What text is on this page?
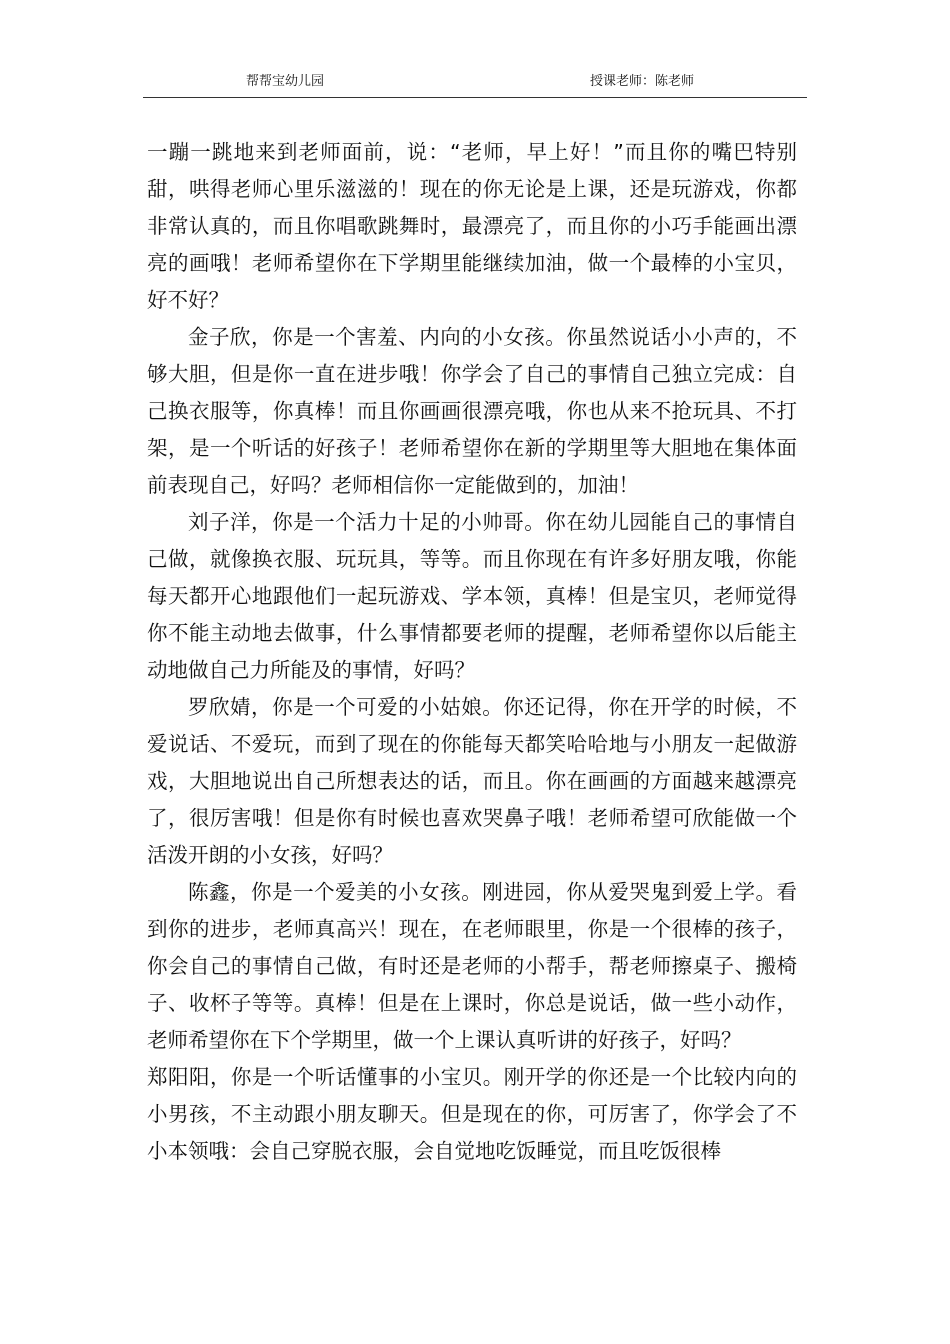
帮帮宝幼儿园	授课老师：陈老师

一蹦一跳地来到老师面前，说：“老师，早上好！”而且你的嘴巴特别甜，哄得老师心里乐滋滋的！现在的你无论是上课，还是玩游戏，你都非常认真的，而且你唱歌跳舞时，最漂亮了，而且你的小巧手能画出漂亮的画哦！老师希望你在下学期里能继续加油，做一个最棒的小宝贝，好不好？

金子欣，你是一个害羞、内向的小女孩。你虽然说话小小声的，不够大胆，但是你一直在进步哦！你学会了自己的事情自己独立完成：自己换衣服等，你真棒！而且你画画很漂亮哦，你也从来不抢玩具、不打架，是一个听话的好孩子！老师希望你在新的学期里等大胆地在集体面前表现自己，好吗？老师相信你一定能做到的，加油！

刘子洋，你是一个活力十足的小帅哥。你在幼儿园能自己的事情自己做，就像换衣服、玩玩具，等等。而且你现在有许多好朋友哦，你能每天都开心地跟他们一起玩游戏、学本领，真棒！但是宝贝，老师觉得你不能主动地去做事，什么事情都要老师的提醒，老师希望你以后能主动地做自己力所能及的事情，好吗？

罗欣婧，你是一个可爱的小姑娘。你还记得，你在开学的时候，不爱说话、不爱玩，而到了现在的你能每天都笑哈哈地与小朋友一起做游戏，大胆地说出自己所想表达的话，而且。你在画画的方面越来越漂亮了，很厉害哦！但是你有时候也喜欢哭鼻子哦！老师希望可欣能做一个活泼开朗的小女孩，好吗？

陈鑫，你是一个爱美的小女孩。刚进园，你从爱哭鬼到爱上学。看到你的进步，老师真高兴！现在，在老师眼里，你是一个很棒的孩子，你会自己的事情自己做，有时还是老师的小帮手，帮老师擦桌子、搬椅子、收杯子等等。真棒！但是在上课时，你总是说话，做一些小动作，老师希望你在下个学期里，做一个上课认真听讲的好孩子，好吗？

郑阳阳，你是一个听话懂事的小宝贝。刚开学的你还是一个比较内向的小男孩，不主动跟小朋友聊天。但是现在的你，可厉害了，你学会了不小本领哦：会自己穿脱衣服，会自觉地吃饭睡觉，而且吃饭很棒
